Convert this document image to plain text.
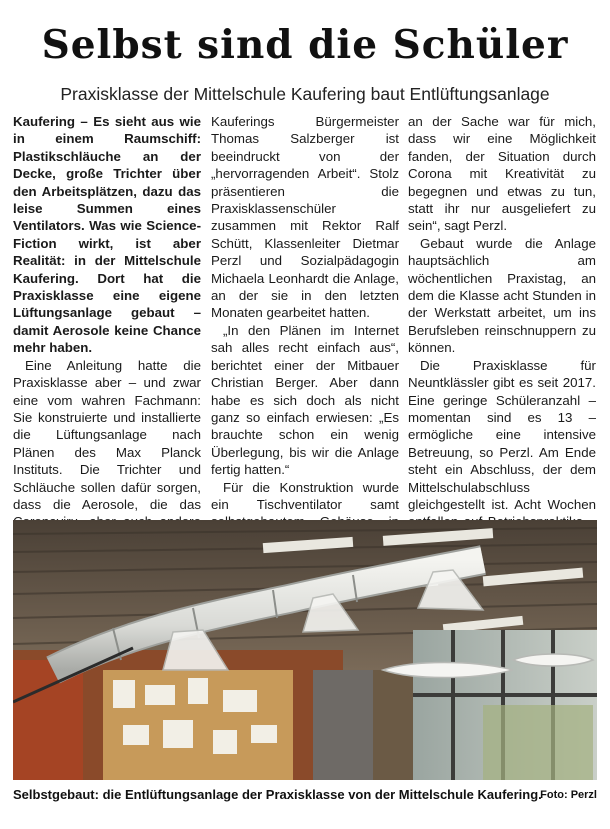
Selbst sind die Schüler
Praxisklasse der Mittelschule Kaufering baut Entlüftungsanlage

Kaufering – Es sieht aus wie in einem Raumschiff: Plastikschläuche an der Decke, große Trichter über den Arbeitsplätzen, dazu das leise Summen eines Ventilators. Was wie Science-Fiction wirkt, ist aber Realität: in der Mittelschule Kaufering. Dort hat die Praxisklasse eine eigene Lüftungsanlage gebaut – damit Aerosole keine Chance mehr haben.

Eine Anleitung hatte die Praxisklasse aber – und zwar eine vom wahren Fachmann: Sie konstruierte und installierte die Lüftungsanlage nach Plänen des Max Planck Instituts. Die Trichter und Schläuche sollen dafür sorgen, dass die Aerosole, die das

Kauferings Bürgermeister Thomas Salzberger ist beeindruckt von der „hervorragenden Arbeit“. Stolz präsentieren die Praxisklassenschüler zusammen mit Rektor Ralf Schütt, Klassenleiter Dietmar Perzl und Sozialpädagogin Michaela Leonhardt die Anlage, an der sie in den letzten Monaten gearbeitet hatten.

„In den Plänen im Internet sah alles recht einfach aus“, berichtet einer der Mitbauer Christian Berger. Aber dann habe es sich doch als nicht ganz so einfach erwiesen: „Es brauchte schon ein wenig Überlegung, bis wir die Anlage fertig hatten.“

Für die Konstruktion wurde ein Tischventilator samt

an der Sache war für mich, dass wir eine Möglichkeit fanden, der Situation durch Corona mit Kreativität zu begegnen und etwas zu tun, statt ihr nur ausgeliefert zu sein“, sagt Perzl.

Gebaut wurde die Anlage hauptsächlich am wöchentlichen Praxistag, an dem die Klasse acht Stunden in der Werkstatt arbeitet, um ins Berufsleben reinschnuppern zu können.

Die Praxisklasse für Neuntklässler gibt es seit 2017. Eine geringe Schüleranzahl – momentan sind es 13 – ermögliche eine intensive Betreuung, so Perzl. Am Ende steht ein Abschluss, der dem Mittelschulabschluss gleichgestellt ist. Acht Wochen

Selbstgebaut: die Entlüftungsanlage der Praxisklasse von der Mittelschule Kaufering.
Foto: Perzl
